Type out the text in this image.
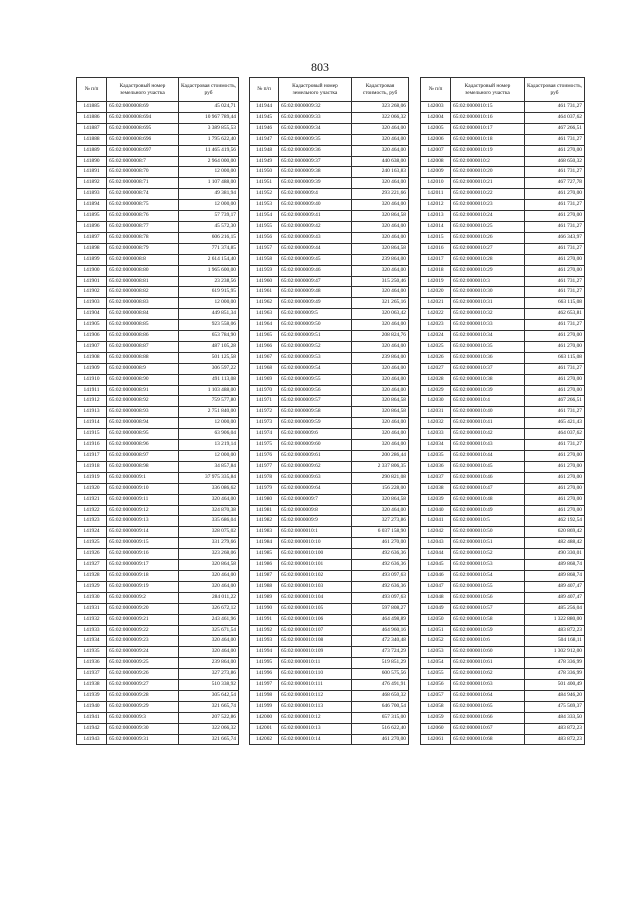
803
№ п/п	Кадастровый номер земельного участка	Кадастровая стоимость, руб
141885	65:02:0000008:69	45 024,71
141886	65:02:0000008:694	10 967 789,44
141887	65:02:0000008:695	3 389 855,53
141888	65:02:0000008:696	1 795 622,40
141889	65:02:0000008:697	11 465 419,56
141890	65:02:0000008:7	2 964 000,00
141891	65:02:0000008:70	12 000,00
141892	65:02:0000008:71	1 107 488,00
141893	65:02:0000008:74	49 381,94
141894	65:02:0000008:75	12 000,00
141895	65:02:0000008:76	57 739,17
141896	65:02:0000008:77	45 572,30
141897	65:02:0000008:78	606 216,15
141898	65:02:0000008:79	771 374,85
141899	65:02:0000008:8	2 614 154,40
141900	65:02:0000008:80	1 965 600,00
141901	65:02:0000008:81	23 238,56
141902	65:02:0000008:82	619 915,95
141903	65:02:0000008:83	12 000,00
141904	65:02:0000008:84	449 851,34
141905	65:02:0000008:85	923 558,06
141906	65:02:0000008:86	653 784,90
141907	65:02:0000008:87	487 105,28
141908	65:02:0000008:88	501 125,58
141909	65:02:0000008:9	306 597,22
141910	65:02:0000008:90	491 113,08
141911	65:02:0000008:91	1 103 488,00
141912	65:02:0000008:92	759 577,80
141913	65:02:0000008:93	2 751 840,00
141914	65:02:0000008:94	12 000,00
141915	65:02:0000008:95	63 906,04
141916	65:02:0000008:96	13 219,14
141917	65:02:0000008:97	12 000,00
141918	65:02:0000008:98	34 857,84
141919	65:02:0000009:1	37 975 335,84
141920	65:02:0000009:10	336 086,62
141921	65:02:0000009:11	320 464,00
141922	65:02:0000009:12	324 870,38
141923	65:02:0000009:13	335 686,04
141924	65:02:0000009:14	328 075,02
141925	65:02:0000009:15	331 279,66
141926	65:02:0000009:16	323 268,06
141927	65:02:0000009:17	320 864,58
141928	65:02:0000009:18	320 464,00
141929	65:02:0000009:19	320 464,00
141930	65:02:0000009:2	284 011,22
141931	65:02:0000009:20	326 672,12
141932	65:02:0000009:21	243 461,96
141933	65:02:0000009:22	325 671,54
141934	65:02:0000009:23	320 464,00
141935	65:02:0000009:24	320 464,00
141936	65:02:0000009:25	239 864,00
141937	65:02:0000009:26	327 273,86
141938	65:02:0000009:27	510 338,92
141939	65:02:0000009:28	305 642,54
141940	65:02:0000009:29	321 665,74
141941	65:02:0000009:3	207 522,86
141942	65:02:0000009:30	322 066,32
141943	65:02:0000009:31	321 665,74
№ п/п	Кадастровый номер земельного участка	Кадастровая стоимость, руб
141944	65:02:0000009:32	323 268,06
141945	65:02:0000009:33	322 066,32
141946	65:02:0000009:34	320 464,00
141947	65:02:0000009:35	320 464,00
141948	65:02:0000009:36	320 464,00
141949	65:02:0000009:37	440 638,00
141950	65:02:0000009:38	240 163,83
141951	65:02:0000009:39	320 464,00
141952	65:02:0000009:4	293 221,66
141953	65:02:0000009:40	320 464,00
141954	65:02:0000009:41	320 864,58
141955	65:02:0000009:42	320 464,00
141956	65:02:0000009:43	320 464,00
141957	65:02:0000009:44	320 864,58
141958	65:02:0000009:45	239 864,00
141959	65:02:0000009:46	320 464,00
141960	65:02:0000009:47	315 250,46
141961	65:02:0000009:48	320 464,00
141962	65:02:0000009:49	321 265,16
141963	65:02:0000009:5	320 063,42
141964	65:02:0000009:50	320 464,00
141965	65:02:0000009:51	208 824,76
141966	65:02:0000009:52	320 464,00
141967	65:02:0000009:53	239 864,00
141968	65:02:0000009:54	320 464,00
141969	65:02:0000009:55	320 464,00
141970	65:02:0000009:56	320 464,00
141971	65:02:0000009:57	320 864,58
141972	65:02:0000009:58	320 864,58
141973	65:02:0000009:59	320 464,00
141974	65:02:0000009:6	320 464,00
141975	65:02:0000009:60	320 464,00
141976	65:02:0000009:61	200 286,44
141977	65:02:0000009:62	2 337 806,35
141978	65:02:0000009:63	290 821,08
141979	65:02:0000009:64	156 228,00
141980	65:02:0000009:7	320 864,58
141981	65:02:0000009:8	320 464,00
141982	65:02:0000009:9	327 273,86
141983	65:02:0000010:1	6 037 158,90
141984	65:02:0000010:10	461 270,00
141985	65:02:0000010:100	492 636,36
141986	65:02:0000010:101	492 636,36
141987	65:02:0000010:102	493 097,63
141988	65:02:0000010:103	492 636,36
141989	65:02:0000010:104	493 097,63
141990	65:02:0000010:105	597 808,27
141991	65:02:0000010:106	464 498,89
141992	65:02:0000010:107	464 960,16
141993	65:02:0000010:108	472 340,48
141994	65:02:0000010:109	473 724,29
141995	65:02:0000010:11	519 851,29
141996	65:02:0000010:110	600 575,56
141997	65:02:0000010:111	476 491,91
141998	65:02:0000010:112	468 650,32
141999	65:02:0000010:113	646 700,54
142000	65:02:0000010:12	657 315,00
142001	65:02:0000010:13	516 622,40
142002	65:02:0000010:14	461 270,00
№ п/п	Кадастровый номер земельного участка	Кадастровая стоимость, руб
142003	65:02:0000010:15	461 731,27
142004	65:02:0000010:16	464 037,62
142005	65:02:0000010:17	467 266,51
142006	65:02:0000010:18	461 731,27
142007	65:02:0000010:19	461 270,00
142008	65:02:0000010:2	468 650,32
142009	65:02:0000010:20	461 731,27
142010	65:02:0000010:21	467 727,78
142011	65:02:0000010:22	461 270,00
142012	65:02:0000010:23	461 731,27
142013	65:02:0000010:24	461 270,00
142014	65:02:0000010:25	461 731,27
142015	65:02:0000010:26	466 343,97
142016	65:02:0000010:27	461 731,27
142017	65:02:0000010:28	461 270,00
142018	65:02:0000010:29	461 270,00
142019	65:02:0000010:3	461 731,27
142020	65:02:0000010:30	461 731,27
142021	65:02:0000010:31	663 115,08
142022	65:02:0000010:32	462 653,81
142023	65:02:0000010:33	461 731,27
142024	65:02:0000010:34	461 270,00
142025	65:02:0000010:35	461 270,00
142026	65:02:0000010:36	663 115,08
142027	65:02:0000010:37	461 731,27
142028	65:02:0000010:38	461 270,00
142029	65:02:0000010:39	461 270,00
142030	65:02:0000010:4	467 266,51
142031	65:02:0000010:40	461 731,27
142032	65:02:0000010:41	465 421,43
142033	65:02:0000010:42	464 037,62
142034	65:02:0000010:43	461 731,27
142035	65:02:0000010:44	461 270,00
142036	65:02:0000010:45	461 270,00
142037	65:02:0000010:46	461 270,00
142038	65:02:0000010:47	461 270,00
142039	65:02:0000010:48	461 270,00
142040	65:02:0000010:49	461 270,00
142041	65:02:0000010:5	462 192,54
142042	65:02:0000010:50	620 869,42
142043	65:02:0000010:51	482 488,42
142044	65:02:0000010:52	490 330,01
142045	65:02:0000010:53	489 868,74
142046	65:02:0000010:54	489 868,74
142047	65:02:0000010:55	489 407,47
142048	65:02:0000010:56	489 407,47
142049	65:02:0000010:57	485 256,04
142050	65:02:0000010:58	1 322 880,00
142051	65:02:0000010:59	483 872,23
142052	65:02:0000010:6	504 168,11
142053	65:02:0000010:60	1 302 912,00
142054	65:02:0000010:61	478 336,99
142055	65:02:0000010:62	478 336,99
142056	65:02:0000010:63	501 400,49
142057	65:02:0000010:64	484 946,20
142058	65:02:0000010:65	475 569,37
142059	65:02:0000010:66	484 333,50
142060	65:02:0000010:67	483 872,23
142061	65:02:0000010:68	483 872,23
